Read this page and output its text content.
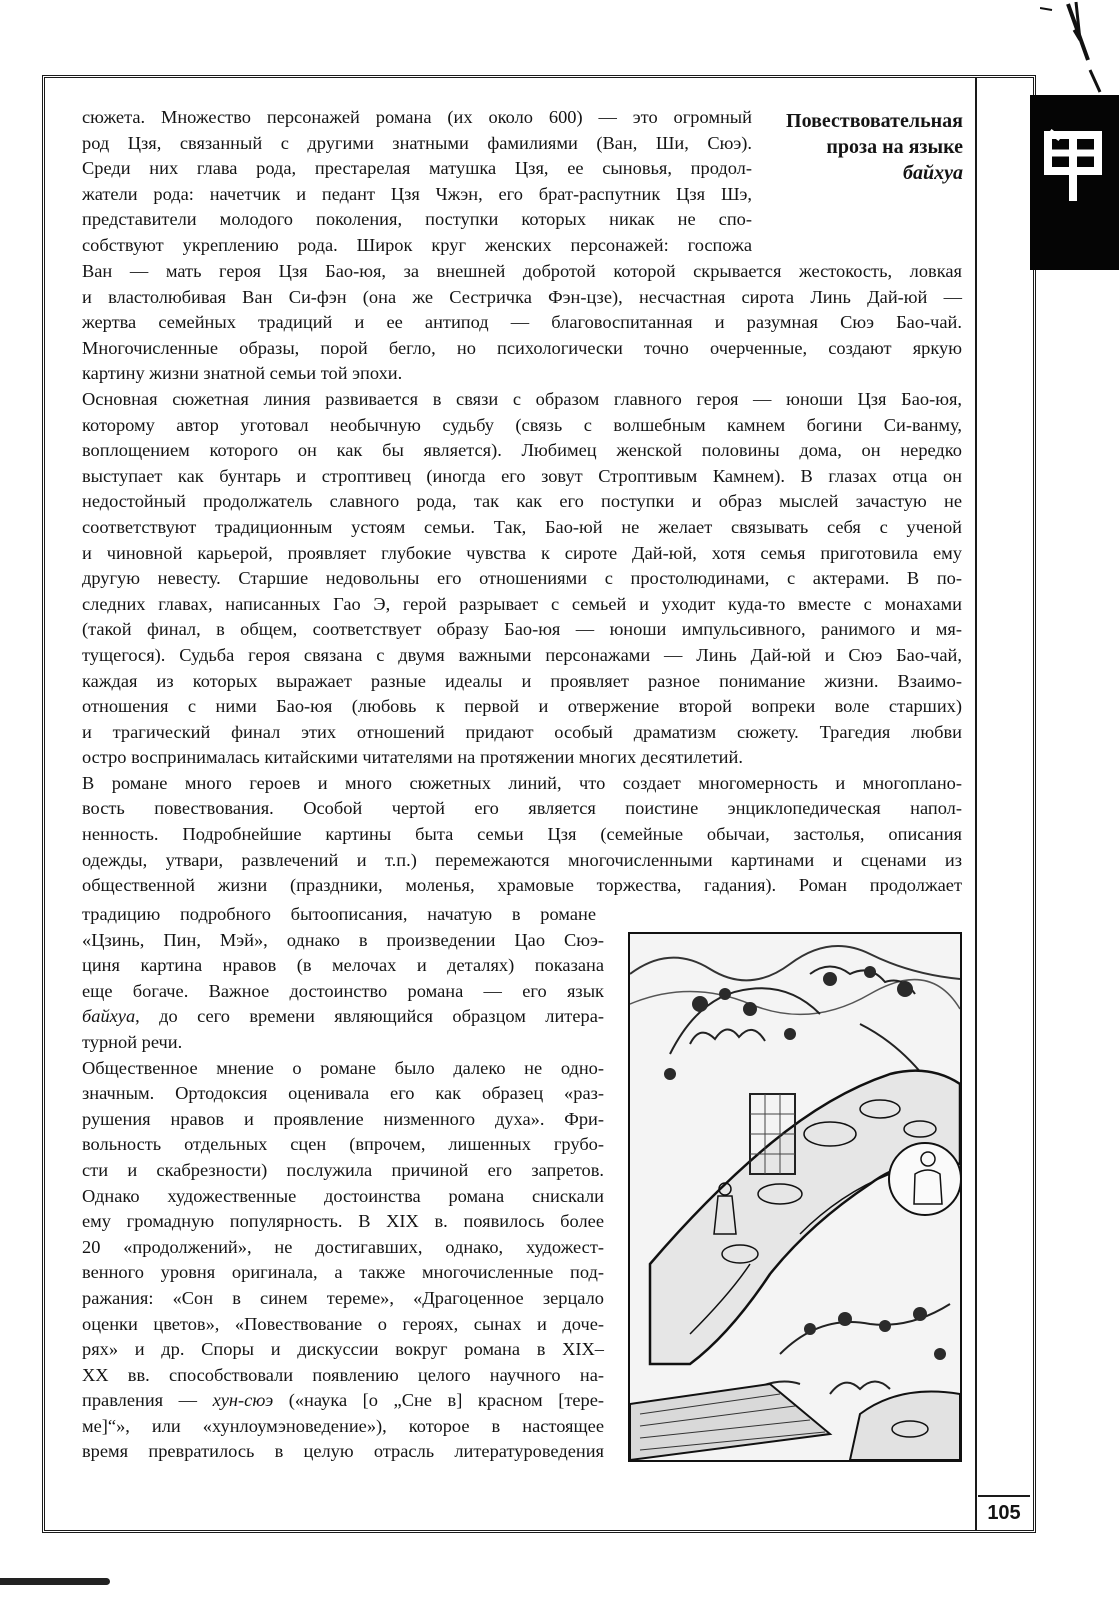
Повествовательная
проза на языке
байхуа
сюжета. Множество персонажей романа (их около 600) — это огромный
род Цзя, связанный с другими знатными фамилиями (Ван, Ши, Сюэ).
Среди них глава рода, престарелая матушка Цзя, ее сыновья, продол-
жатели рода: начетчик и педант Цзя Чжэн, его брат-распутник Цзя Шэ,
представители молодого поколения, поступки которых никак не спо-
собствуют укреплению рода. Широк круг женских персонажей: госпожа
Ван — мать героя Цзя Бао-юя, за внешней добротой которой скрывается жестокость, ловкая
и властолюбивая Ван Си-фэн (она же Сестричка Фэн-цзе), несчастная сирота Линь Дай-юй —
жертва семейных традиций и ее антипод — благовоспитанная и разумная Сюэ Бао-чай.
Многочисленные образы, порой бегло, но психологически точно очерченные, создают яркую
картину жизни знатной семьи той эпохи.
Основная сюжетная линия развивается в связи с образом главного героя — юноши Цзя Бао-юя,
которому автор уготовал необычную судьбу (связь с волшебным камнем богини Си-ванму,
воплощением которого он как бы является). Любимец женской половины дома, он нередко
выступает как бунтарь и строптивец (иногда его зовут Строптивым Камнем). В глазах отца он
недостойный продолжатель славного рода, так как его поступки и образ мыслей зачастую не
соответствуют традиционным устоям семьи. Так, Бао-юй не желает связывать себя с ученой
и чиновной карьерой, проявляет глубокие чувства к сироте Дай-юй, хотя семья приготовила ему
другую невесту. Старшие недовольны его отношениями с простолюдинами, с актерами. В по-
следних главах, написанных Гао Э, герой разрывает с семьей и уходит куда-то вместе с монахами
(такой финал, в общем, соответствует образу Бао-юя — юноши импульсивного, ранимого и мя-
тущегося). Судьба героя связана с двумя важными персонажами — Линь Дай-юй и Сюэ Бао-чай,
каждая из которых выражает разные идеалы и проявляет разное понимание жизни. Взаимо-
отношения с ними Бао-юя (любовь к первой и отвержение второй вопреки воле старших)
и трагический финал этих отношений придают особый драматизм сюжету. Трагедия любви
остро воспринималась китайскими читателями на протяжении многих десятилетий.
В романе много героев и много сюжетных линий, что создает многомерность и многоплано-
вость повествования. Особой чертой его является поистине энциклопедическая напол-
ненность. Подробнейшие картины быта семьи Цзя (семейные обычаи, застолья, описания
одежды, утвари, развлечений и т.п.) перемежаются многочисленными картинами и сценами из
общественной жизни (праздники, моленья, храмовые торжества, гадания). Роман продолжает
традицию подробного бытоописания, начатую в романе
«Цзинь, Пин, Мэй», однако в произведении Цао Сюэ-
циня картина нравов (в мелочах и деталях) показана
еще богаче. Важное достоинство романа — его язык
байхуа, до сего времени являющийся образцом литера-
турной речи.
Общественное мнение о романе было далеко не одно-
значным. Ортодоксия оценивала его как образец «раз-
рушения нравов и проявление низменного духа». Фри-
вольность отдельных сцен (впрочем, лишенных грубо-
сти и скабрезности) послужила причиной его запретов.
Однако художественные достоинства романа снискали
ему громадную популярность. В XIX в. появилось более
20 «продолжений», не достигавших, однако, художест-
венного уровня оригинала, а также многочисленные под-
ражания: «Сон в синем тереме», «Драгоценное зерцало
оценки цветов», «Повествование о героях, сынах и доче-
рях» и др. Споры и дискуссии вокруг романа в XIX–
XX вв. способствовали появлению целого научного на-
правления — хун-сюэ («наука [о „Сне в] красном [тере-
ме]“», или «хунлоумэноведение»), которое в настоящее
время превратилось в целую отрасль литературоведения
105
